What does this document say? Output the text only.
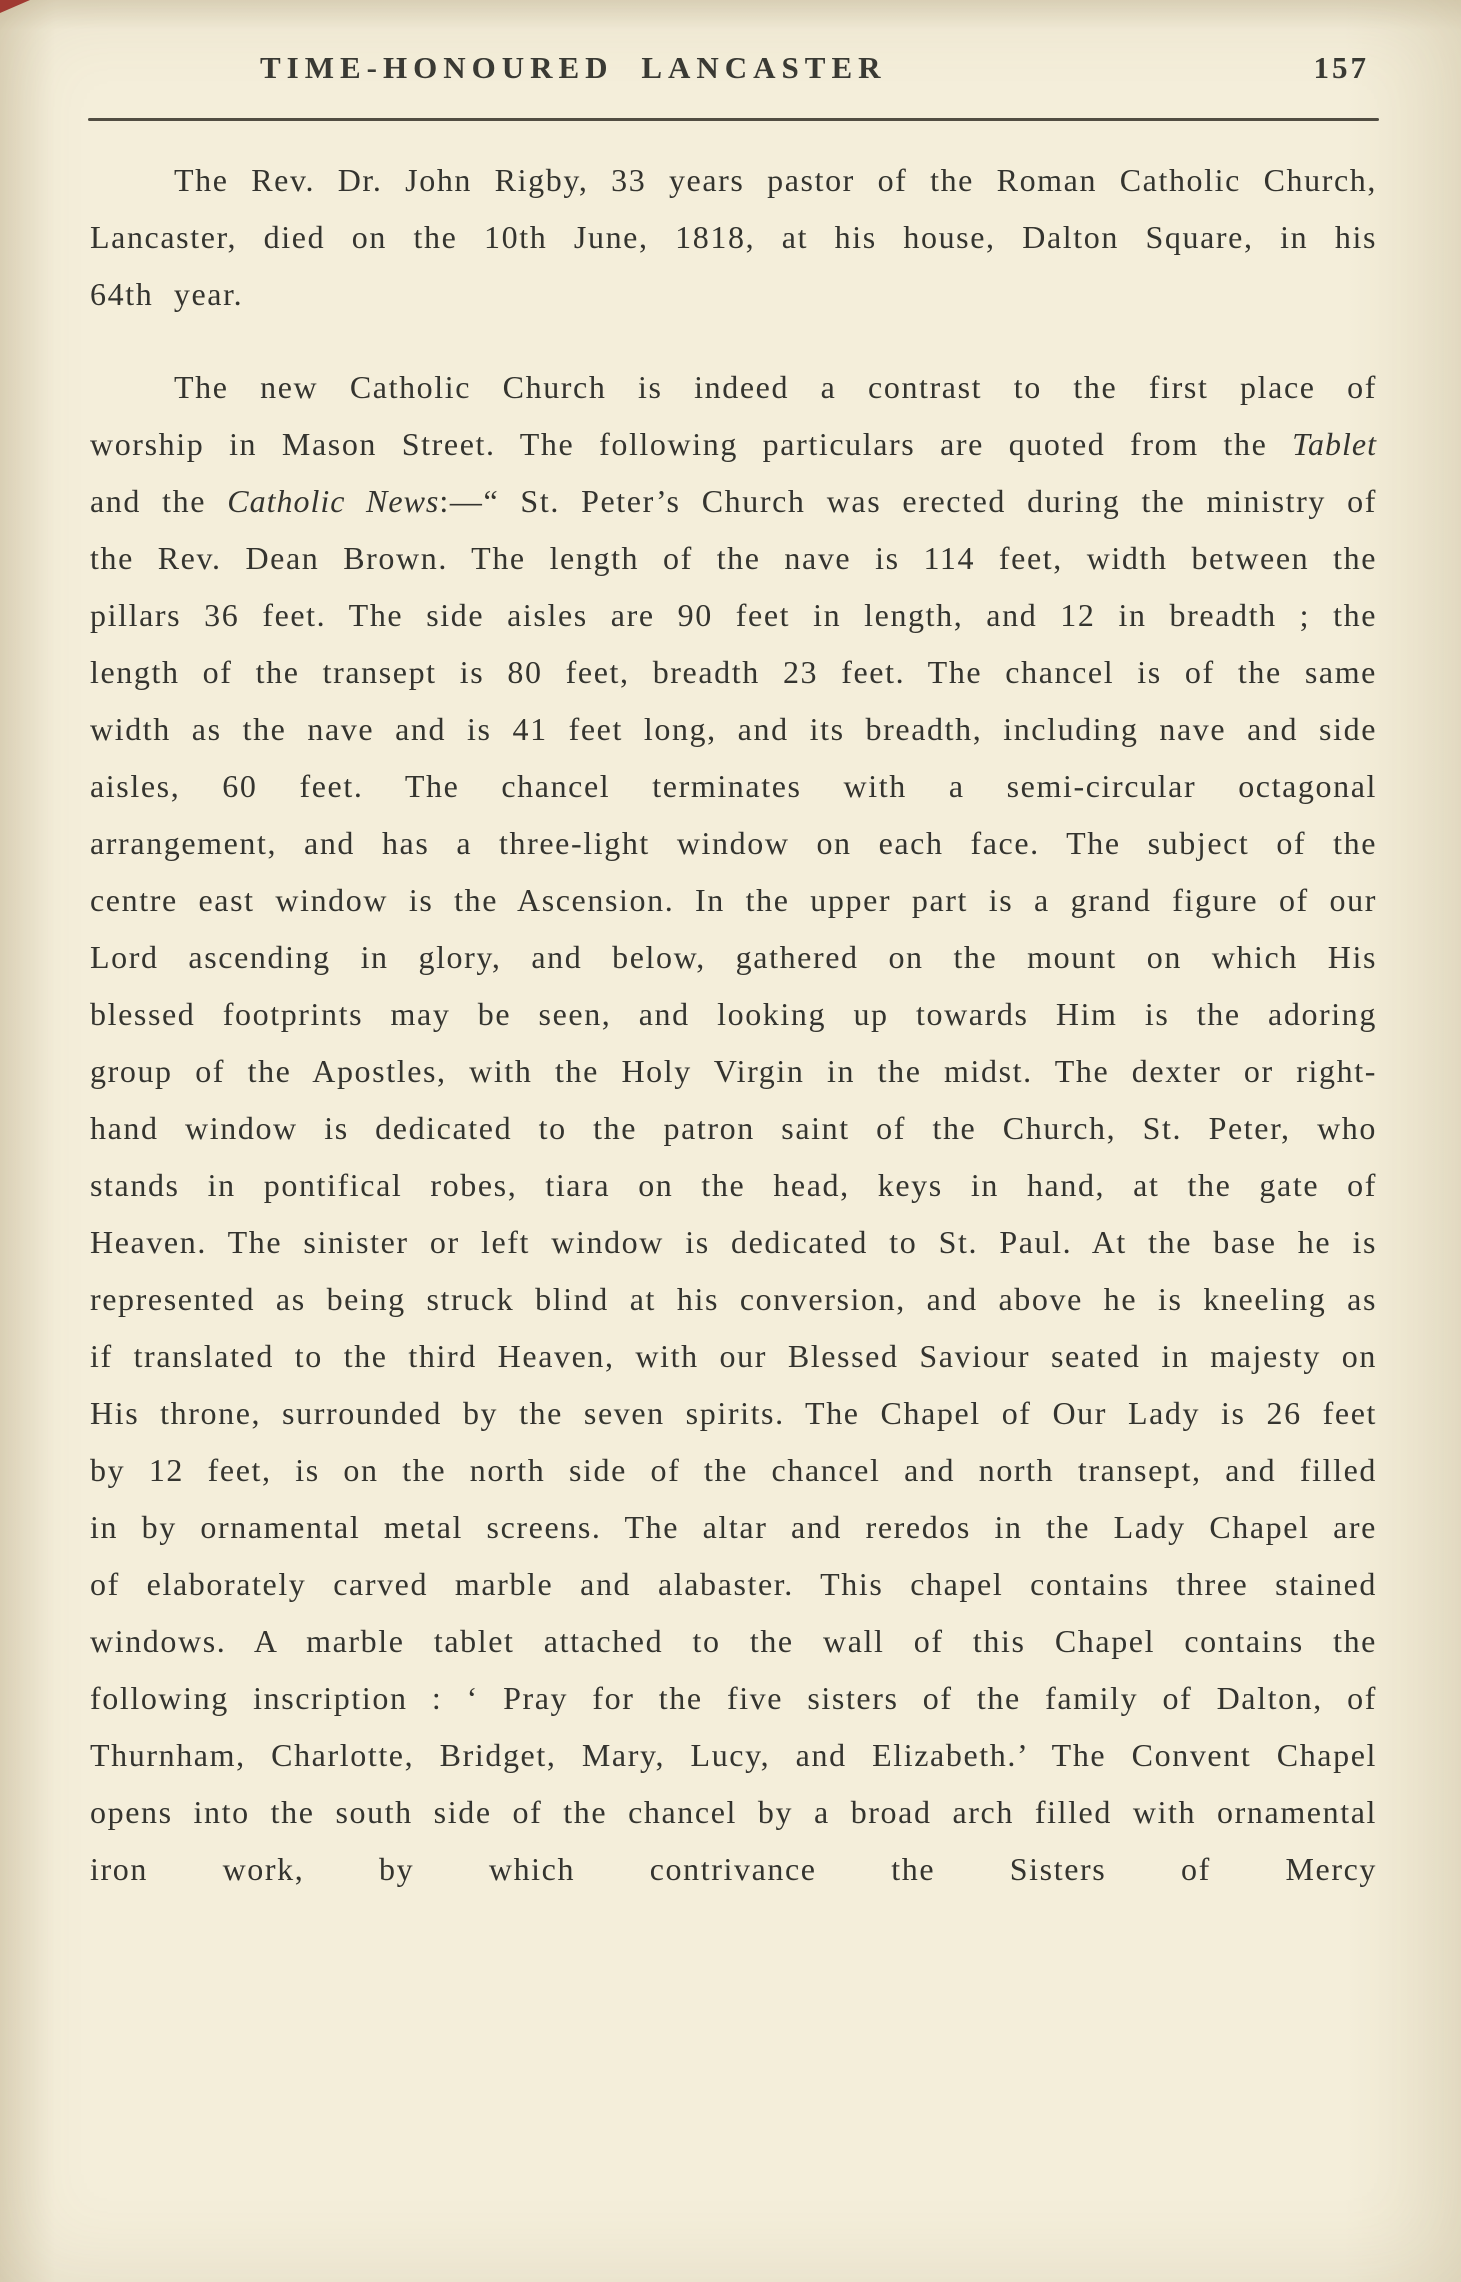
TIME-HONOURED LANCASTER	157

The Rev. Dr. John Rigby, 33 years pastor of the Roman Catholic Church, Lancaster, died on the 10th June, 1818, at his house, Dalton Square, in his 64th year.

The new Catholic Church is indeed a contrast to the first place of worship in Mason Street. The following particulars are quoted from the Tablet and the Catholic News:—“ St. Peter’s Church was erected during the ministry of the Rev. Dean Brown. The length of the nave is 114 feet, width between the pillars 36 feet. The side aisles are 90 feet in length, and 12 in breadth ; the length of the transept is 80 feet, breadth 23 feet. The chancel is of the same width as the nave and is 41 feet long, and its breadth, including nave and side aisles, 60 feet. The chancel terminates with a semi-circular octagonal arrangement, and has a three-light window on each face. The subject of the centre east window is the Ascension. In the upper part is a grand figure of our Lord ascending in glory, and below, gathered on the mount on which His blessed footprints may be seen, and looking up towards Him is the adoring group of the Apostles, with the Holy Virgin in the midst. The dexter or right-hand window is dedicated to the patron saint of the Church, St. Peter, who stands in pontifical robes, tiara on the head, keys in hand, at the gate of Heaven. The sinister or left window is dedicated to St. Paul. At the base he is represented as being struck blind at his conversion, and above he is kneeling as if translated to the third Heaven, with our Blessed Saviour seated in majesty on His throne, surrounded by the seven spirits. The Chapel of Our Lady is 26 feet by 12 feet, is on the north side of the chancel and north transept, and filled in by ornamental metal screens. The altar and reredos in the Lady Chapel are of elaborately carved marble and alabaster. This chapel contains three stained windows. A marble tablet attached to the wall of this Chapel contains the following inscription : ‘ Pray for the five sisters of the family of Dalton, of Thurnham, Charlotte, Bridget, Mary, Lucy, and Elizabeth.’ The Convent Chapel opens into the south side of the chancel by a broad arch filled with ornamental iron work, by which contrivance the Sisters of Mercy
